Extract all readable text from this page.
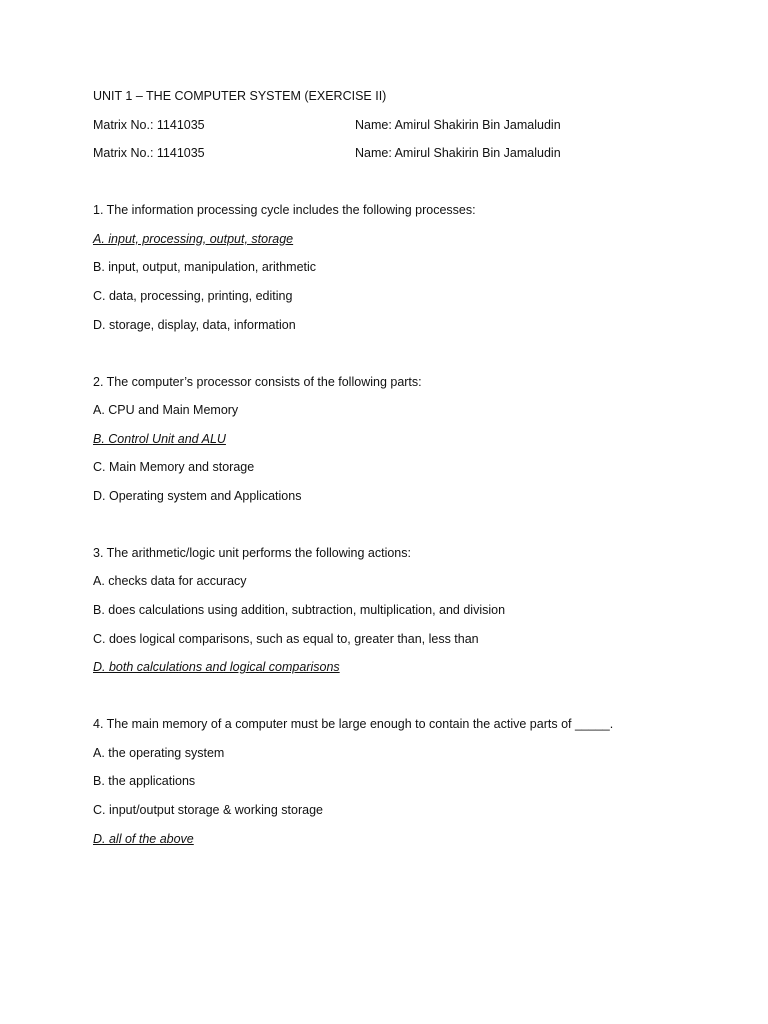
UNIT 1 – THE COMPUTER SYSTEM (EXERCISE II)
Matrix No.: 1141035	Name: Amirul Shakirin Bin Jamaludin
Matrix No.: 1141035	Name: Amirul Shakirin Bin Jamaludin
1. The information processing cycle includes the following processes:
A. input, processing, output, storage
B. input, output, manipulation, arithmetic
C. data, processing, printing, editing
D. storage, display, data, information
2. The computer’s processor consists of the following parts:
A. CPU and Main Memory
B. Control Unit and ALU
C. Main Memory and storage
D. Operating system and Applications
3. The arithmetic/logic unit performs the following actions:
A. checks data for accuracy
B. does calculations using addition, subtraction, multiplication, and division
C. does logical comparisons, such as equal to, greater than, less than
D. both calculations and logical comparisons
4. The main memory of a computer must be large enough to contain the active parts of _____.
A. the operating system
B. the applications
C. input/output storage & working storage
D. all of the above
